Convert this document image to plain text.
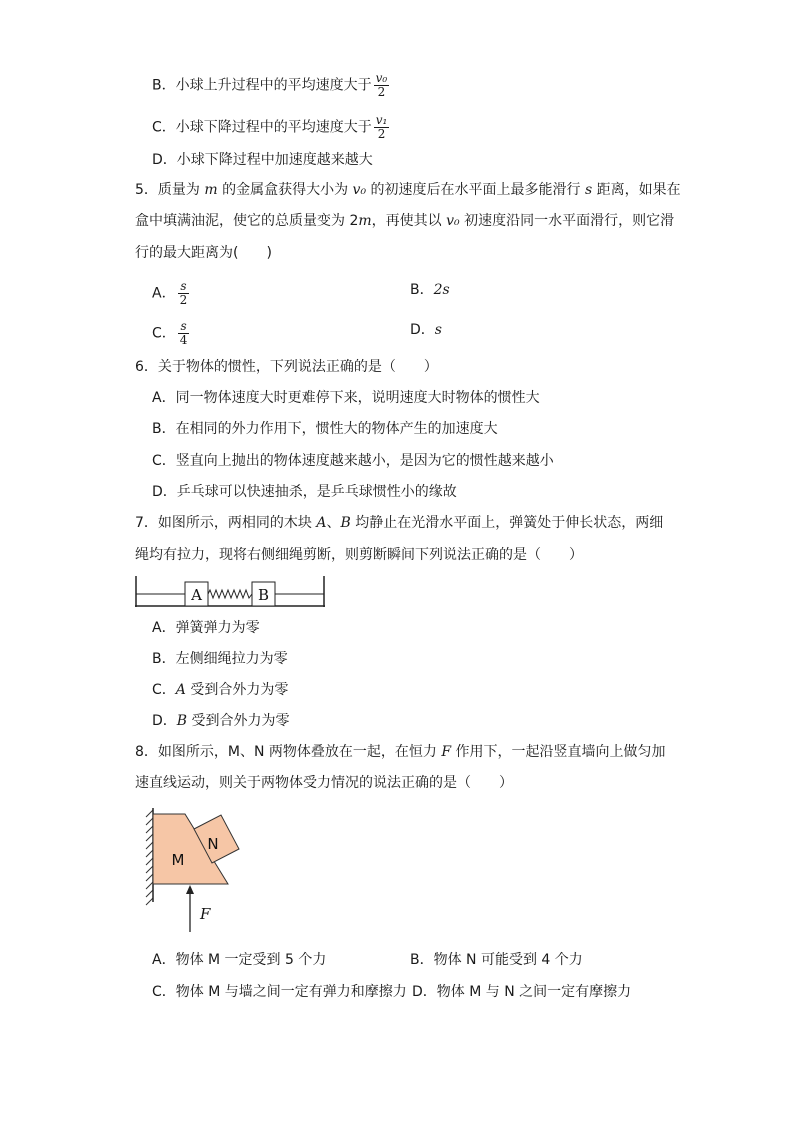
B．小球上升过程中的平均速度大于 $\frac{\text{v₀}}{2}$
C．小球下降过程中的平均速度大于 $\frac{\text{v₁}}{2}$
D．小球下降过程中加速度越来越大
5．质量为 m 的金属盒获得大小为 v₀ 的初速度后在水平面上最多能滑行 s 距离，如果在
盒中填满油泥，使它的总质量变为 2m，再使其以 v₀ 初速度沿同一水平面滑行，则它滑
行的最大距离为(　　)
A． $\frac{s}{2}$	B．2s
C． $\frac{s}{4}$	D．s
6．关于物体的惯性，下列说法正确的是（　　）
A．同一物体速度大时更难停下来，说明速度大时物体的惯性大
B．在相同的外力作用下，惯性大的物体产生的加速度大
C．竖直向上抛出的物体速度越来越小，是因为它的惯性越来越小
D．乒乓球可以快速抽杀，是乒乓球惯性小的缘故
7．如图所示，两相同的木块 A、B 均静止在光滑水平面上，弹簧处于伸长状态，两细
绳均有拉力，现将右侧细绳剪断，则剪断瞬间下列说法正确的是（　　）
A	B
A．弹簧弹力为零
B．左侧细绳拉力为零
C．A 受到合外力为零
D．B 受到合外力为零
8．如图所示，M、N 两物体叠放在一起，在恒力 F 作用下，一起沿竖直墙向上做匀加
速直线运动，则关于两物体受力情况的说法正确的是（　　）
M
N
F
A．物体 M 一定受到 5 个力	B．物体 N 可能受到 4 个力
C．物体 M 与墙之间一定有弹力和摩擦力 D．物体 M 与 N 之间一定有摩擦力
